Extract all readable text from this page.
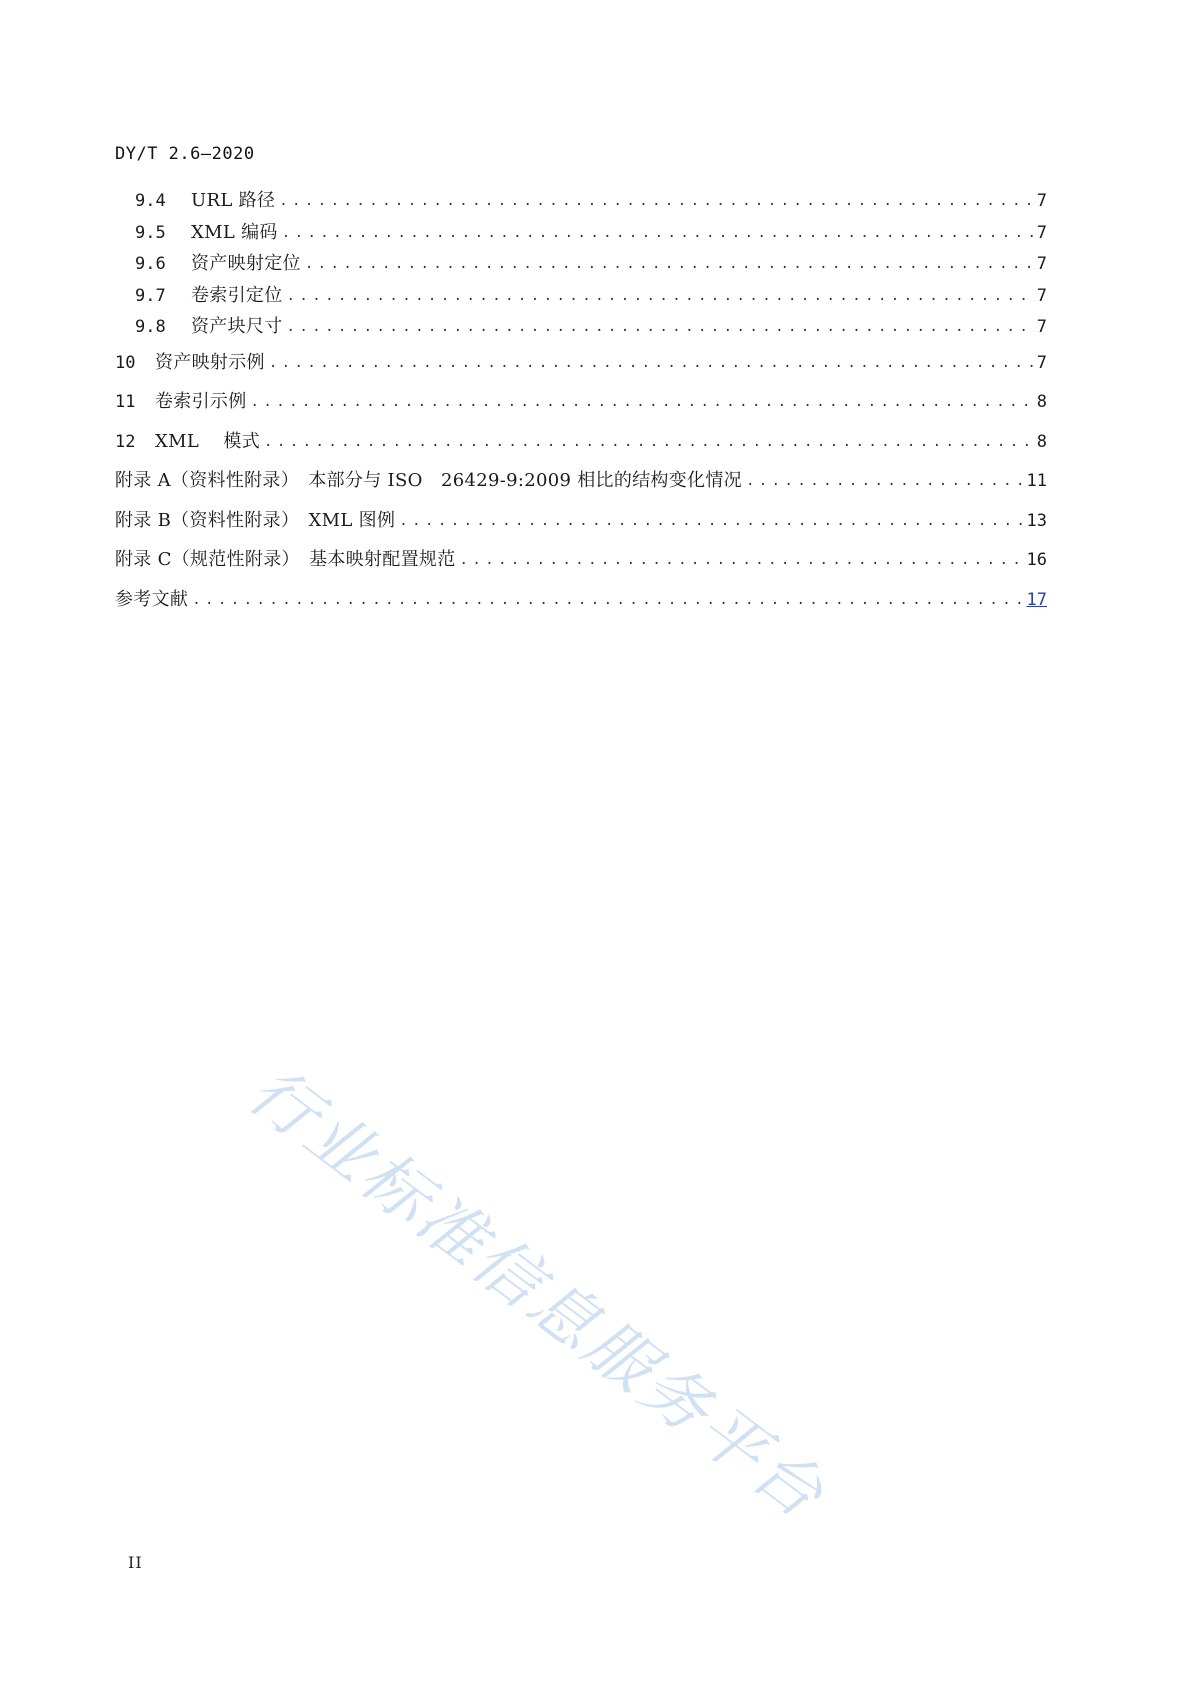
DY/T 2.6—2020
9.4	URL 路径 . . .	7
9.5	XML 编码 . . .	7
9.6	资产映射定位 . . .	7
9.7	卷索引定位 . . .	7
9.8	资产块尺寸 . . .	7
10	资产映射示例 . . .	7
11	卷索引示例 . . .	8
12	XML　 模式 . . .	8
附录 A（资料性附录）　本部分与 ISO　26429-9:2009 相比的结构变化情况 . . .	11
附录 B（资料性附录）　XML 图例 . . .	13
附录 C（规范性附录）　基本映射配置规范 . . .	16
参考文献 . . .	17
行业标准信息服务平台
II
